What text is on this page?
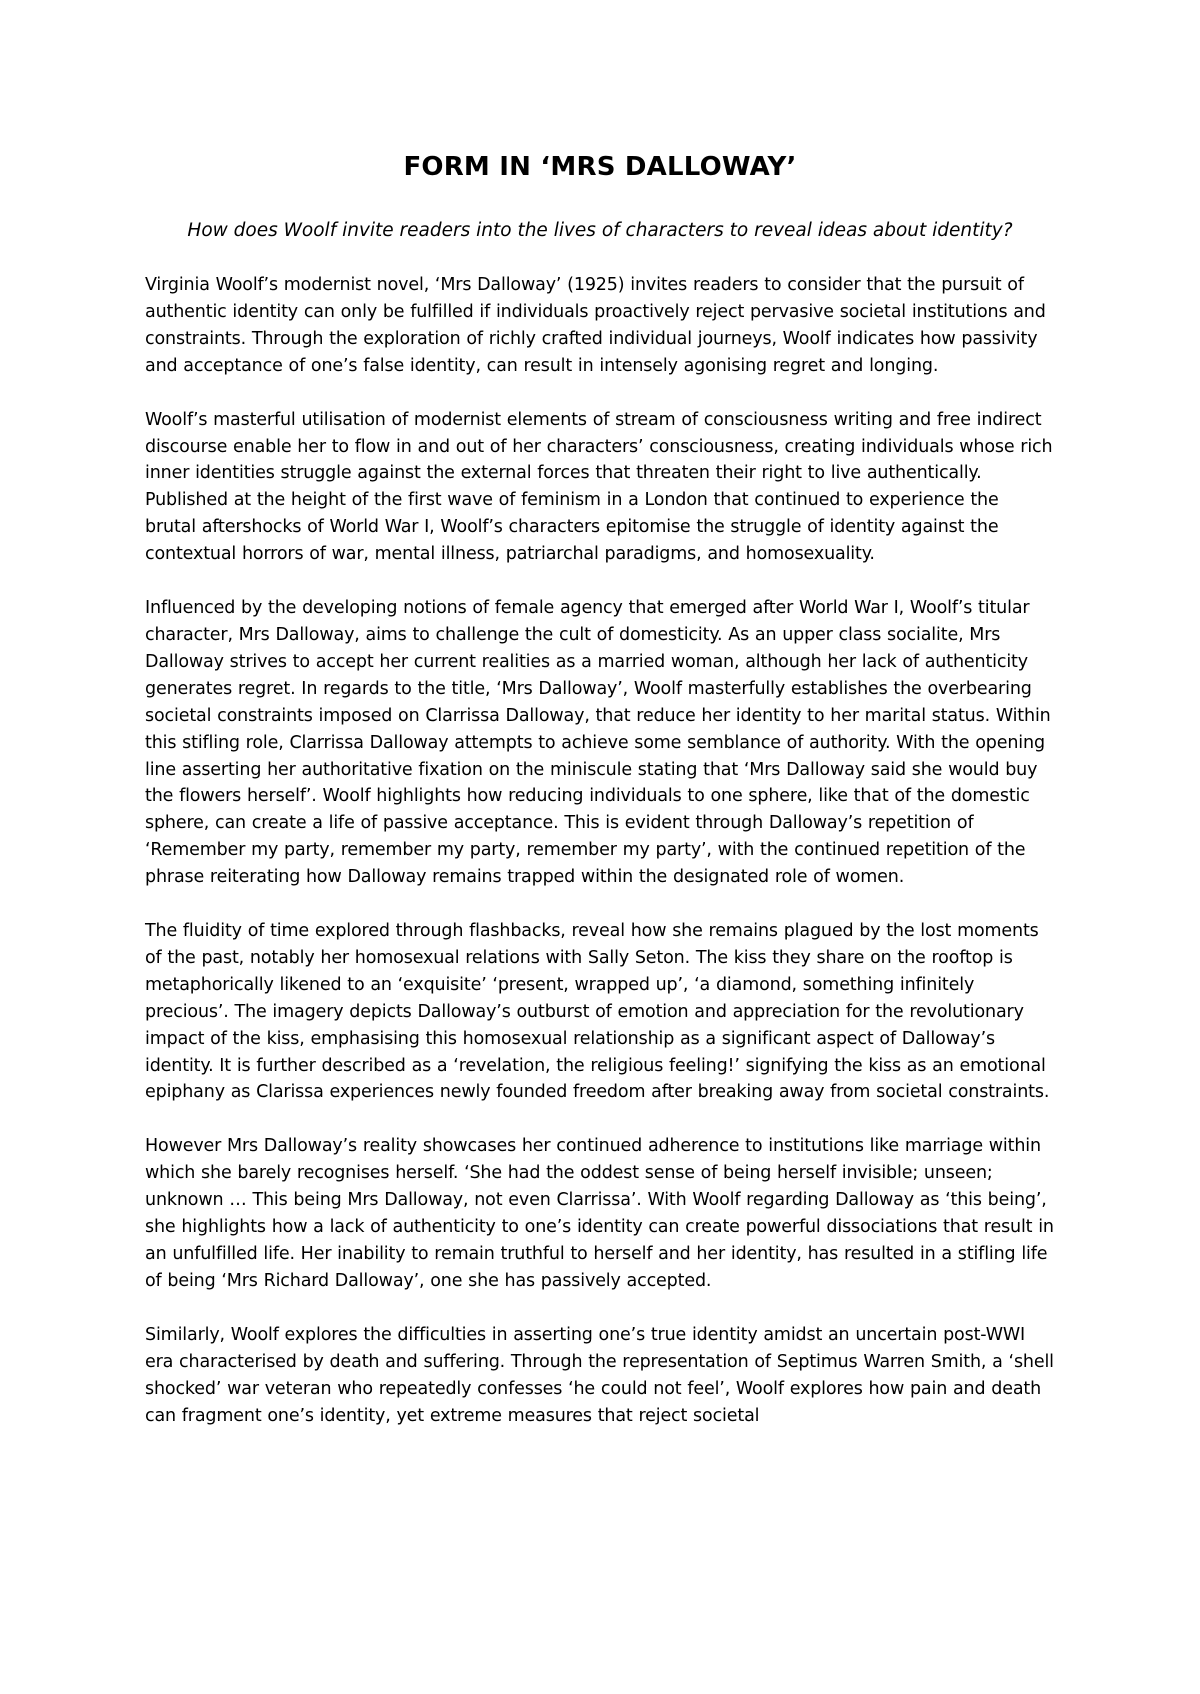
FORM IN ‘MRS DALLOWAY’

How does Woolf invite readers into the lives of characters to reveal ideas about identity?

Virginia Woolf’s modernist novel, ‘Mrs Dalloway’ (1925) invites readers to consider that the pursuit of authentic identity can only be fulfilled if individuals proactively reject pervasive societal institutions and constraints. Through the exploration of richly crafted individual journeys, Woolf indicates how passivity and acceptance of one’s false identity, can result in intensely agonising regret and longing.

Woolf’s masterful utilisation of modernist elements of stream of consciousness writing and free indirect discourse enable her to flow in and out of her characters’ consciousness, creating individuals whose rich inner identities struggle against the external forces that threaten their right to live authentically. Published at the height of the first wave of feminism in a London that continued to experience the brutal aftershocks of World War I, Woolf’s characters epitomise the struggle of identity against the contextual horrors of war, mental illness, patriarchal paradigms, and homosexuality.

Influenced by the developing notions of female agency that emerged after World War I, Woolf’s titular character, Mrs Dalloway, aims to challenge the cult of domesticity. As an upper class socialite, Mrs Dalloway strives to accept her current realities as a married woman, although her lack of authenticity generates regret. In regards to the title, ‘Mrs Dalloway’, Woolf masterfully establishes the overbearing societal constraints imposed on Clarrissa Dalloway, that reduce her identity to her marital status. Within this stifling role, Clarrissa Dalloway attempts to achieve some semblance of authority. With the opening line asserting her authoritative fixation on the miniscule stating that ‘Mrs Dalloway said she would buy the flowers herself’. Woolf highlights how reducing individuals to one sphere, like that of the domestic sphere, can create a life of passive acceptance. This is evident through Dalloway’s repetition of ‘Remember my party, remember my party, remember my party’, with the continued repetition of the phrase reiterating how Dalloway remains trapped within the designated role of women.

The fluidity of time explored through flashbacks, reveal how she remains plagued by the lost moments of the past, notably her homosexual relations with Sally Seton. The kiss they share on the rooftop is metaphorically likened to an ‘exquisite’ ‘present, wrapped up’, ‘a diamond, something infinitely precious’. The imagery depicts Dalloway’s outburst of emotion and appreciation for the revolutionary impact of the kiss, emphasising this homosexual relationship as a significant aspect of Dalloway’s identity. It is further described as a ‘revelation, the religious feeling!’ signifying the kiss as an emotional epiphany as Clarissa experiences newly founded freedom after breaking away from societal constraints.

However Mrs Dalloway’s reality showcases her continued adherence to institutions like marriage within which she barely recognises herself. ‘She had the oddest sense of being herself invisible; unseen; unknown … This being Mrs Dalloway, not even Clarrissa’. With Woolf regarding Dalloway as ‘this being’, she highlights how a lack of authenticity to one’s identity can create powerful dissociations that result in an unfulfilled life. Her inability to remain truthful to herself and her identity, has resulted in a stifling life of being ‘Mrs Richard Dalloway’, one she has passively accepted.

Similarly, Woolf explores the difficulties in asserting one’s true identity amidst an uncertain post-WWI era characterised by death and suffering. Through the representation of Septimus Warren Smith, a ‘shell shocked’ war veteran who repeatedly confesses ‘he could not feel’, Woolf explores how pain and death can fragment one’s identity, yet extreme measures that reject societal
